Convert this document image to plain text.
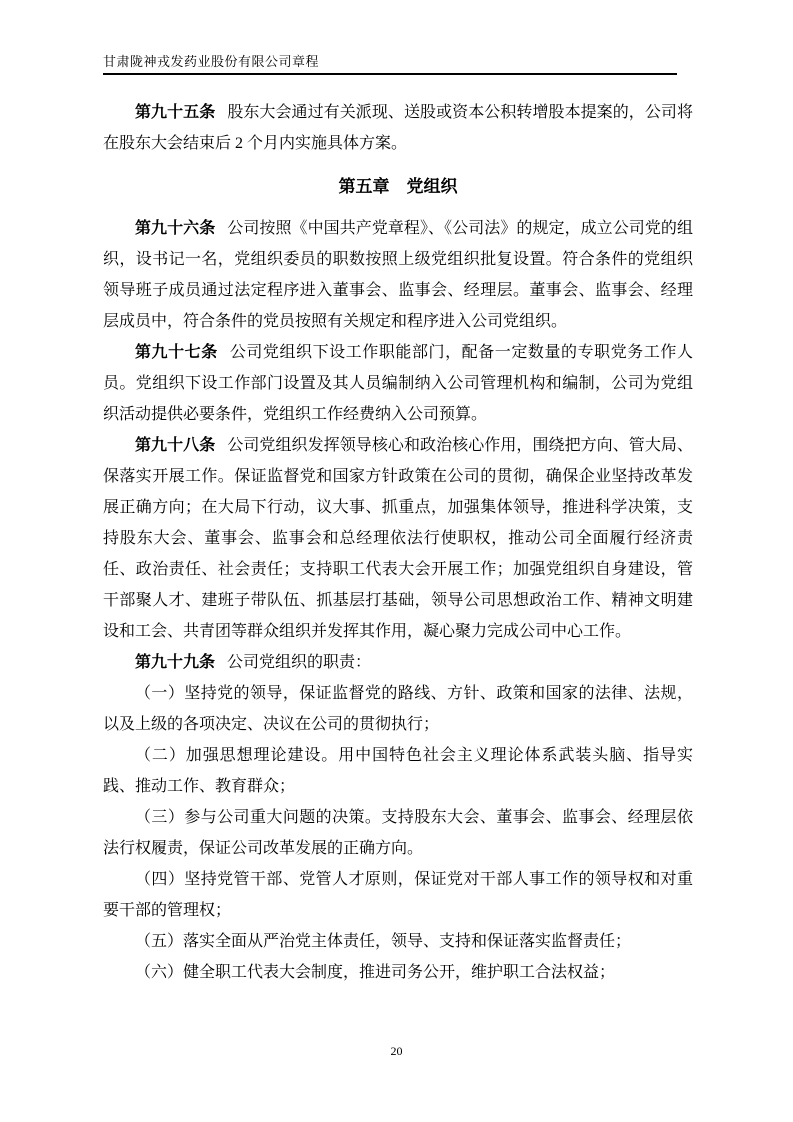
甘肃陇神戎发药业股份有限公司章程

第九十五条 股东大会通过有关派现、送股或资本公积转增股本提案的，公司将在股东大会结束后 2 个月内实施具体方案。

第五章　党组织

第九十六条 公司按照《中国共产党章程》、《公司法》的规定，成立公司党的组织，设书记一名，党组织委员的职数按照上级党组织批复设置。符合条件的党组织领导班子成员通过法定程序进入董事会、监事会、经理层。董事会、监事会、经理层成员中，符合条件的党员按照有关规定和程序进入公司党组织。

第九十七条 公司党组织下设工作职能部门，配备一定数量的专职党务工作人员。党组织下设工作部门设置及其人员编制纳入公司管理机构和编制，公司为党组织活动提供必要条件，党组织工作经费纳入公司预算。

第九十八条 公司党组织发挥领导核心和政治核心作用，围绕把方向、管大局、保落实开展工作。保证监督党和国家方针政策在公司的贯彻，确保企业坚持改革发展正确方向；在大局下行动，议大事、抓重点，加强集体领导，推进科学决策，支持股东大会、董事会、监事会和总经理依法行使职权，推动公司全面履行经济责任、政治责任、社会责任；支持职工代表大会开展工作；加强党组织自身建设，管干部聚人才、建班子带队伍、抓基层打基础，领导公司思想政治工作、精神文明建设和工会、共青团等群众组织并发挥其作用，凝心聚力完成公司中心工作。

第九十九条 公司党组织的职责：

（一）坚持党的领导，保证监督党的路线、方针、政策和国家的法律、法规，以及上级的各项决定、决议在公司的贯彻执行；

（二）加强思想理论建设。用中国特色社会主义理论体系武装头脑、指导实践、推动工作、教育群众；

（三）参与公司重大问题的决策。支持股东大会、董事会、监事会、经理层依法行权履责，保证公司改革发展的正确方向。

（四）坚持党管干部、党管人才原则，保证党对干部人事工作的领导权和对重要干部的管理权；

（五）落实全面从严治党主体责任，领导、支持和保证落实监督责任；

（六）健全职工代表大会制度，推进司务公开，维护职工合法权益；

20
